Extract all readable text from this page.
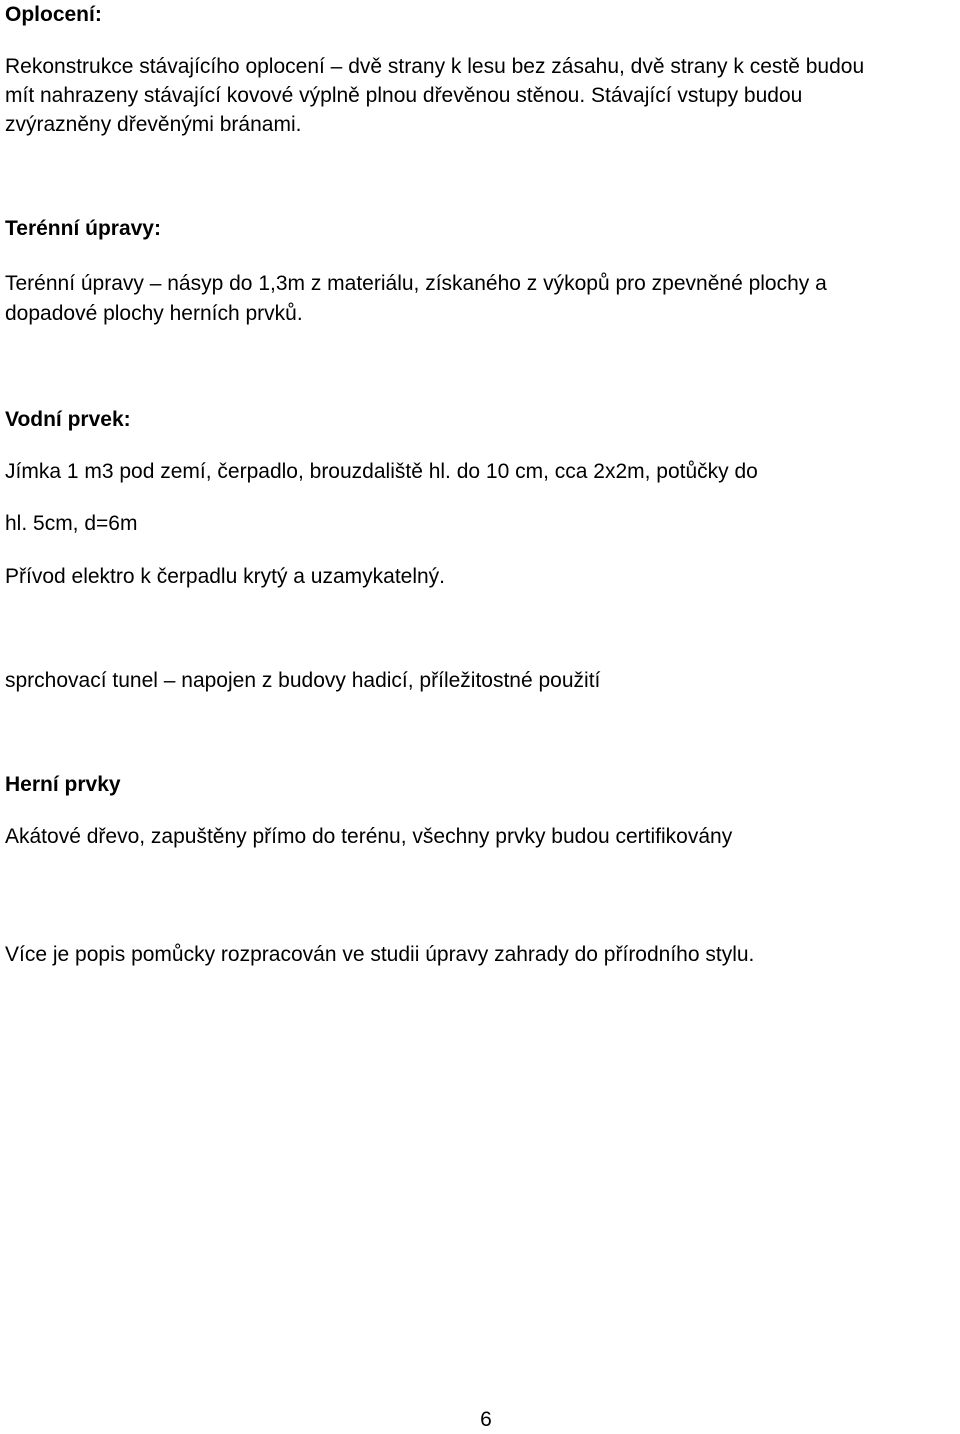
Oplocení:
Rekonstrukce stávajícího oplocení – dvě strany k lesu bez zásahu, dvě strany k cestě budou
mít nahrazeny stávající kovové výplně plnou dřevěnou stěnou. Stávající vstupy budou
zvýrazněny dřevěnými bránami.
Terénní úpravy:
Terénní úpravy – násyp do 1,3m z materiálu, získaného z výkopů pro zpevněné plochy a
dopadové plochy herních prvků.
Vodní prvek:
Jímka 1 m3 pod zemí, čerpadlo, brouzdaliště hl. do 10 cm, cca 2x2m, potůčky do
hl. 5cm, d=6m
Přívod elektro k čerpadlu krytý a uzamykatelný.
sprchovací tunel – napojen z budovy hadicí, příležitostné použití
Herní prvky
Akátové dřevo, zapuštěny přímo do terénu, všechny prvky budou certifikovány
Více je popis pomůcky rozpracován ve studii úpravy zahrady do přírodního stylu.
6
